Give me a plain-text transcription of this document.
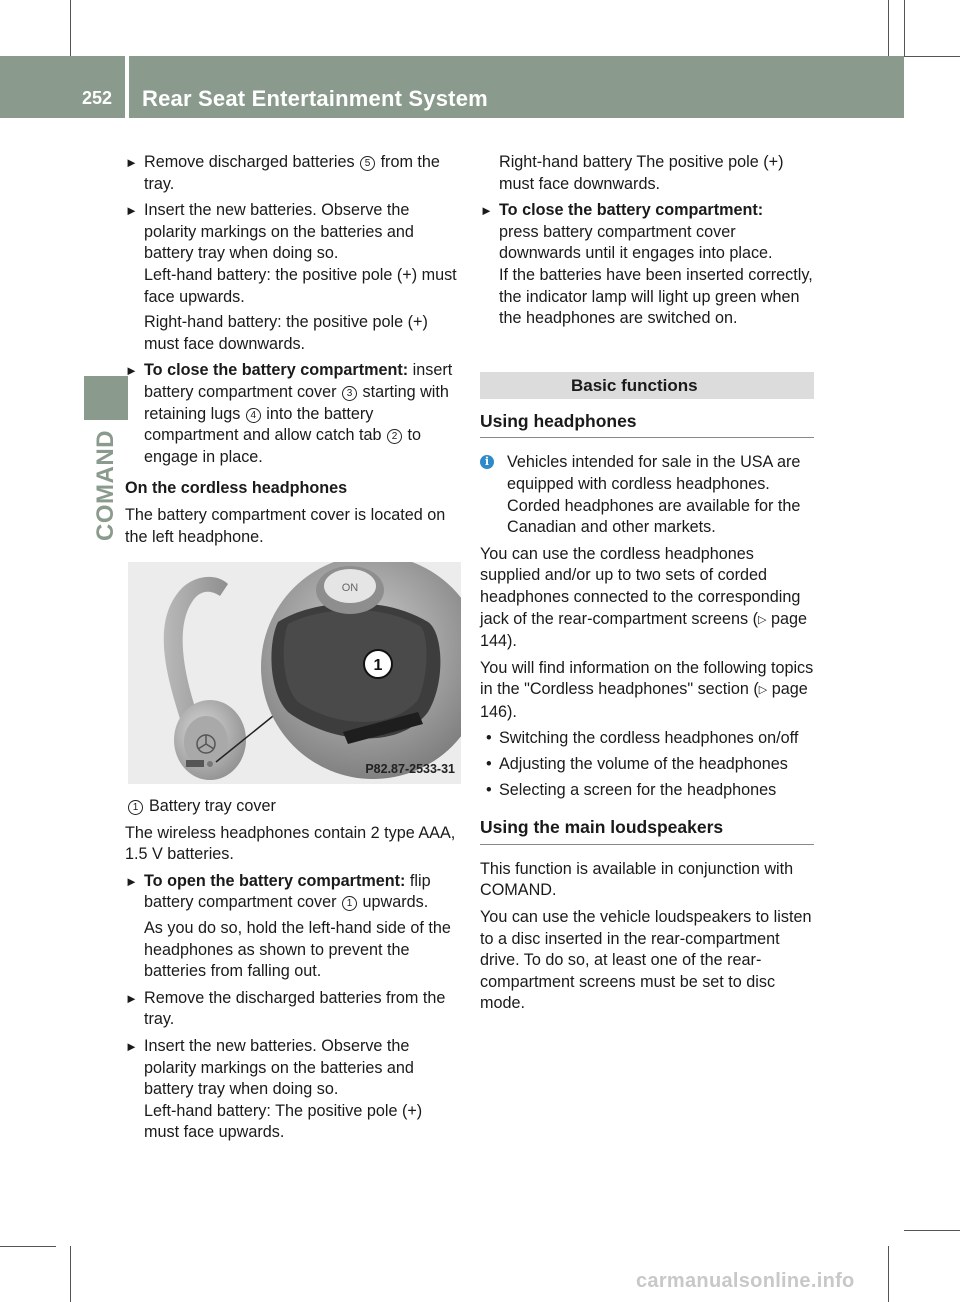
252 Rear Seat Entertainment System
COMAND
► Remove discharged batteries 5 from the tray.
► Insert the new batteries. Observe the polarity markings on the batteries and battery tray when doing so.
Left-hand battery: the positive pole (+) must face upwards.
Right-hand battery: the positive pole (+) must face downwards.
► To close the battery compartment: insert battery compartment cover 3 starting with retaining lugs 4 into the battery compartment and allow catch tab 2 to engage in place.
On the cordless headphones
The battery compartment cover is located on the left headphone.
ON
1
P82.87-2533-31
1 Battery tray cover
The wireless headphones contain 2 type AAA, 1.5 V batteries.
► To open the battery compartment: flip battery compartment cover 1 upwards.
As you do so, hold the left-hand side of the headphones as shown to prevent the batteries from falling out.
► Remove the discharged batteries from the tray.
► Insert the new batteries. Observe the polarity markings on the batteries and battery tray when doing so.
Left-hand battery: The positive pole (+) must face upwards.
Right-hand battery The positive pole (+) must face downwards.
► To close the battery compartment:
press battery compartment cover downwards until it engages into place.
If the batteries have been inserted correctly, the indicator lamp will light up green when the headphones are switched on.
Basic functions
Using headphones
i	Vehicles intended for sale in the USA are equipped with cordless headphones. Corded headphones are available for the Canadian and other markets.
You can use the cordless headphones supplied and/or up to two sets of corded headphones connected to the corresponding jack of the rear-compartment screens (▷ page 144).
You will find information on the following topics in the "Cordless headphones" section (▷ page 146).
• Switching the cordless headphones on/off
• Adjusting the volume of the headphones
• Selecting a screen for the headphones
Using the main loudspeakers
This function is available in conjunction with COMAND.
You can use the vehicle loudspeakers to listen to a disc inserted in the rear-compartment drive. To do so, at least one of the rear-compartment screens must be set to disc mode.
carmanualsonline.info
